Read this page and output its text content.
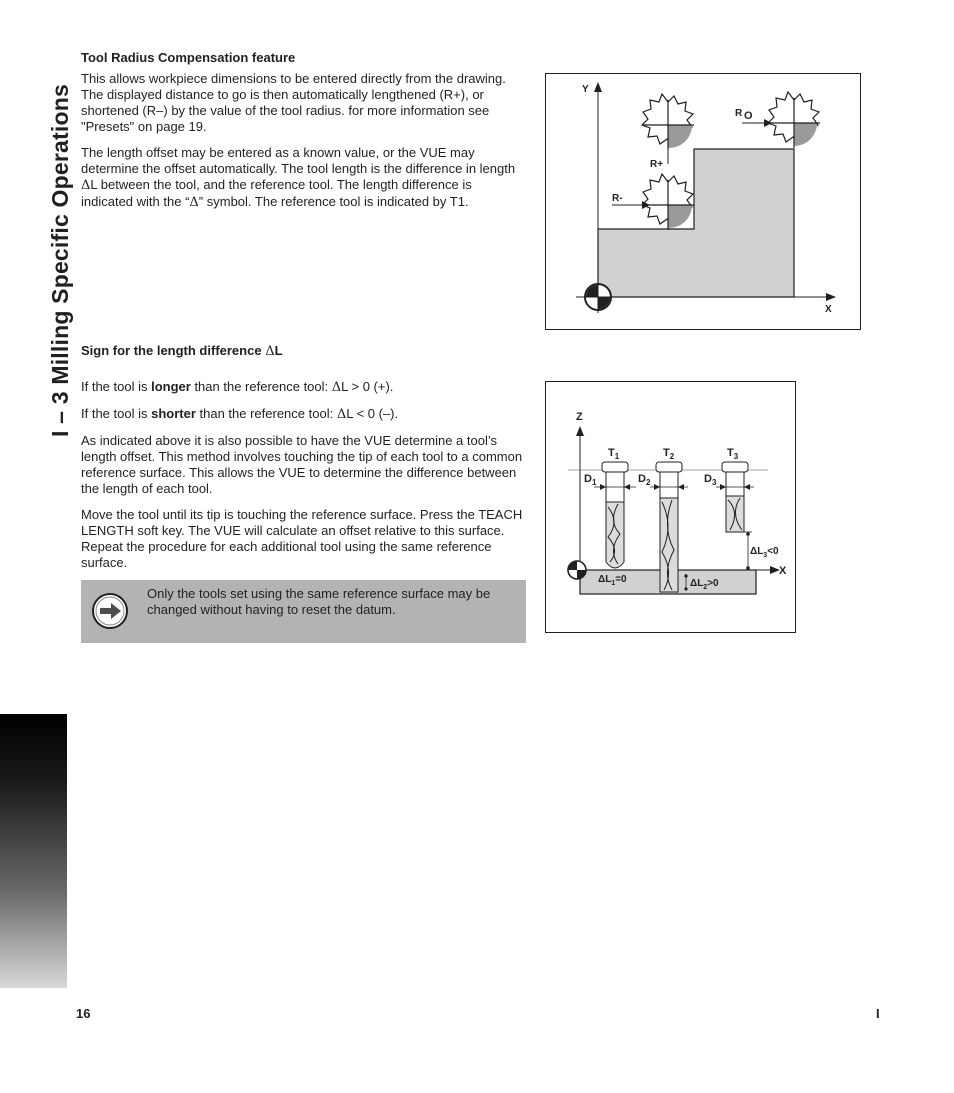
I – 3 Milling Specific Operations
Tool Radius Compensation feature

This allows workpiece dimensions to be entered directly from the drawing. The displayed distance to go is then automatically lengthened (R+), or shortened (R–) by the value of the tool radius. for more information see "Presets" on page 19.

The length offset may be entered as a known value, or the VUE may determine the offset automatically. The tool length is the difference in length ΔL between the tool, and the reference tool. The length difference is indicated with the “Δ” symbol. The reference tool is indicated by T1.

Sign for the length difference ΔL

If the tool is longer than the reference tool: ΔL > 0 (+).

If the tool is shorter than the reference tool: ΔL < 0 (–).

As indicated above it is also possible to have the VUE determine a tool’s length offset. This method involves touching the tip of each tool to a common reference surface. This allows the VUE to determine the difference between the length of each tool.

Move the tool until its tip is touching the reference surface. Press the TEACH LENGTH soft key. The VUE will calculate an offset relative to this surface. Repeat the procedure for each additional tool using the same reference surface.

Only the tools set using the same reference surface may be changed without having to reset the datum.
Y
X
R+
R-
R O
Z
X
$T_1$	$T_2$	$T_3$
$D_1$	$D_2$	$D_3$
$\Delta L_1=0$	$\Delta L_2>0$
$\Delta L_3<0$
16	I
